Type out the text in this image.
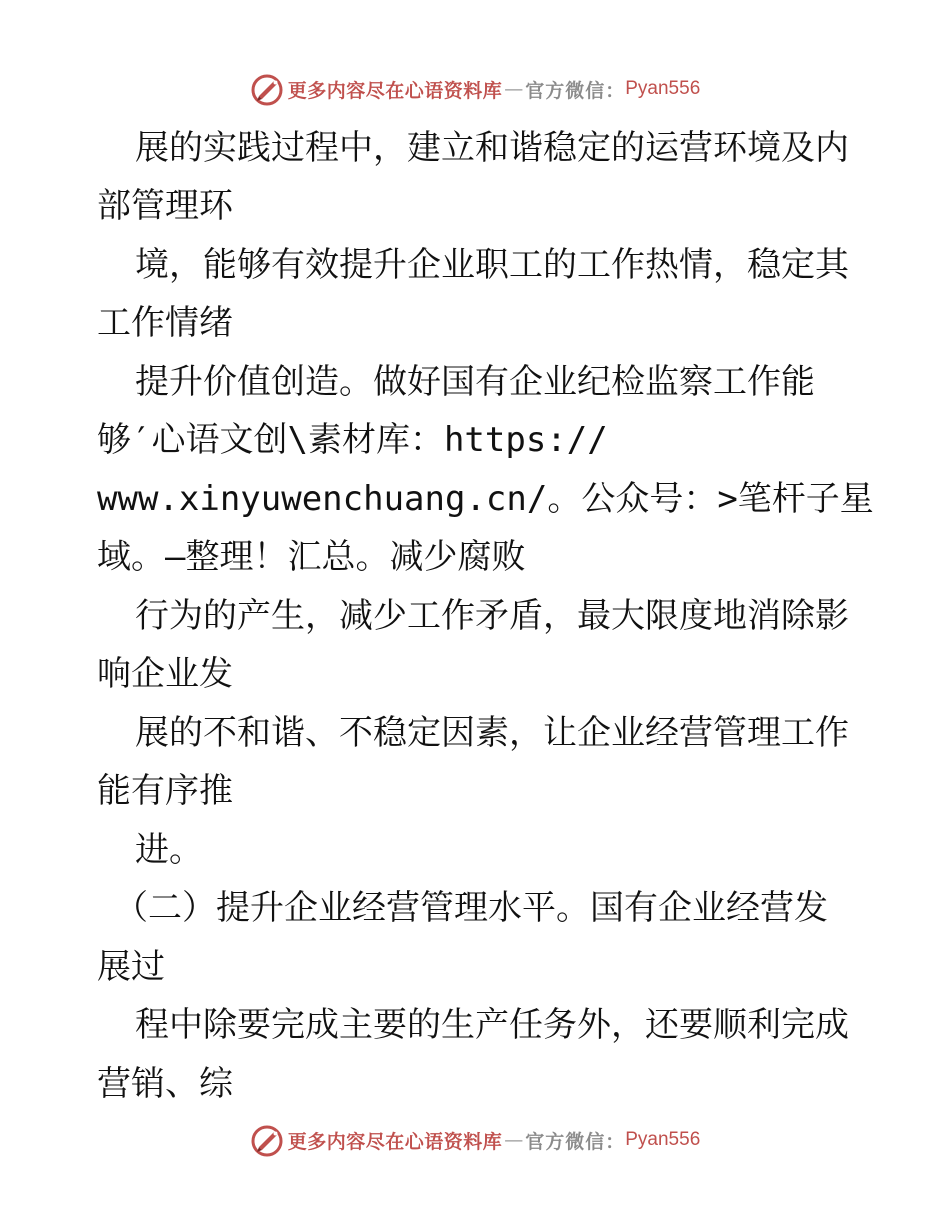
更多内容尽在心语资料库 — 官方微信： Pyan556
展的实践过程中，建立和谐稳定的运营环境及内
部管理环
境，能够有效提升企业职工的工作热情，稳定其
工作情绪
提升价值创造。做好国有企业纪检监察工作能
够′心语文创\素材库：https://
www.xinyuwenchuang.cn/。公众号：>笔杆子星
域。—整理！汇总。减少腐败
行为的产生，减少工作矛盾，最大限度地消除影
响企业发
展的不和谐、不稳定因素，让企业经营管理工作
能有序推
进。
（二）提升企业经营管理水平。国有企业经营发
展过
程中除要完成主要的生产任务外，还要顺利完成
营销、综
更多内容尽在心语资料库 — 官方微信： Pyan556
